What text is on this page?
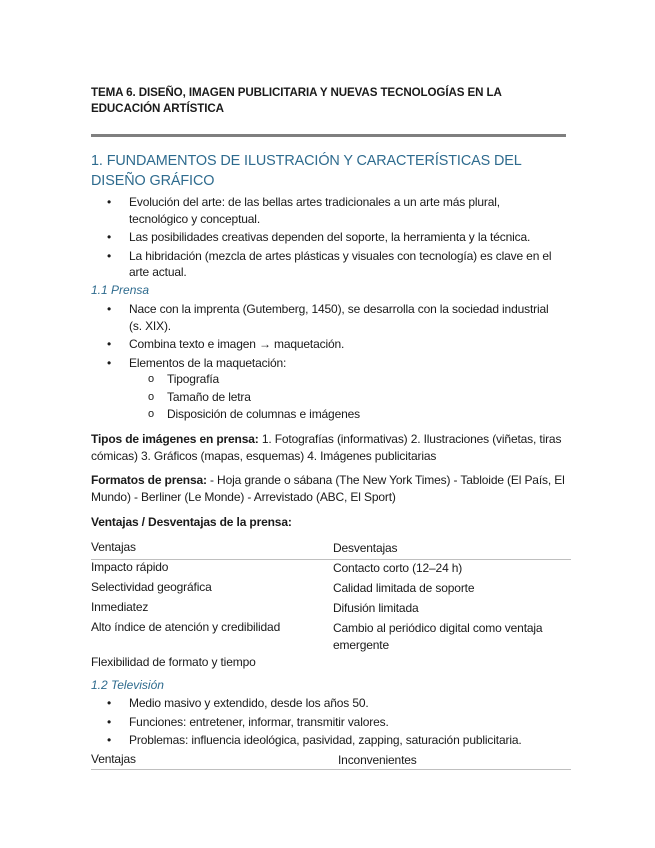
TEMA 6. DISEÑO, IMAGEN PUBLICITARIA Y NUEVAS TECNOLOGÍAS EN LA EDUCACIÓN ARTÍSTICA
1. FUNDAMENTOS DE ILUSTRACIÓN Y CARACTERÍSTICAS DEL DISEÑO GRÁFICO
• Evolución del arte: de las bellas artes tradicionales a un arte más plural, tecnológico y conceptual.
• Las posibilidades creativas dependen del soporte, la herramienta y la técnica.
• La hibridación (mezcla de artes plásticas y visuales con tecnología) es clave en el arte actual.
1.1 Prensa
• Nace con la imprenta (Gutemberg, 1450), se desarrolla con la sociedad industrial (s. XIX).
• Combina texto e imagen → maquetación.
• Elementos de la maquetación:
o Tipografía
o Tamaño de letra
o Disposición de columnas e imágenes
Tipos de imágenes en prensa: 1. Fotografías (informativas) 2. Ilustraciones (viñetas, tiras cómicas) 3. Gráficos (mapas, esquemas) 4. Imágenes publicitarias
Formatos de prensa: - Hoja grande o sábana (The New York Times) - Tabloide (El País, El Mundo) - Berliner (Le Monde) - Arrevistado (ABC, El Sport)
Ventajas / Desventajas de la prensa:
Ventajas	Desventajas
Impacto rápido	Contacto corto (12–24 h)
Selectividad geográfica	Calidad limitada de soporte
Inmediatez	Difusión limitada
Alto índice de atención y credibilidad	Cambio al periódico digital como ventaja emergente
Flexibilidad de formato y tiempo
1.2 Televisión
• Medio masivo y extendido, desde los años 50.
• Funciones: entretener, informar, transmitir valores.
• Problemas: influencia ideológica, pasividad, zapping, saturación publicitaria.
Ventajas	Inconvenientes
